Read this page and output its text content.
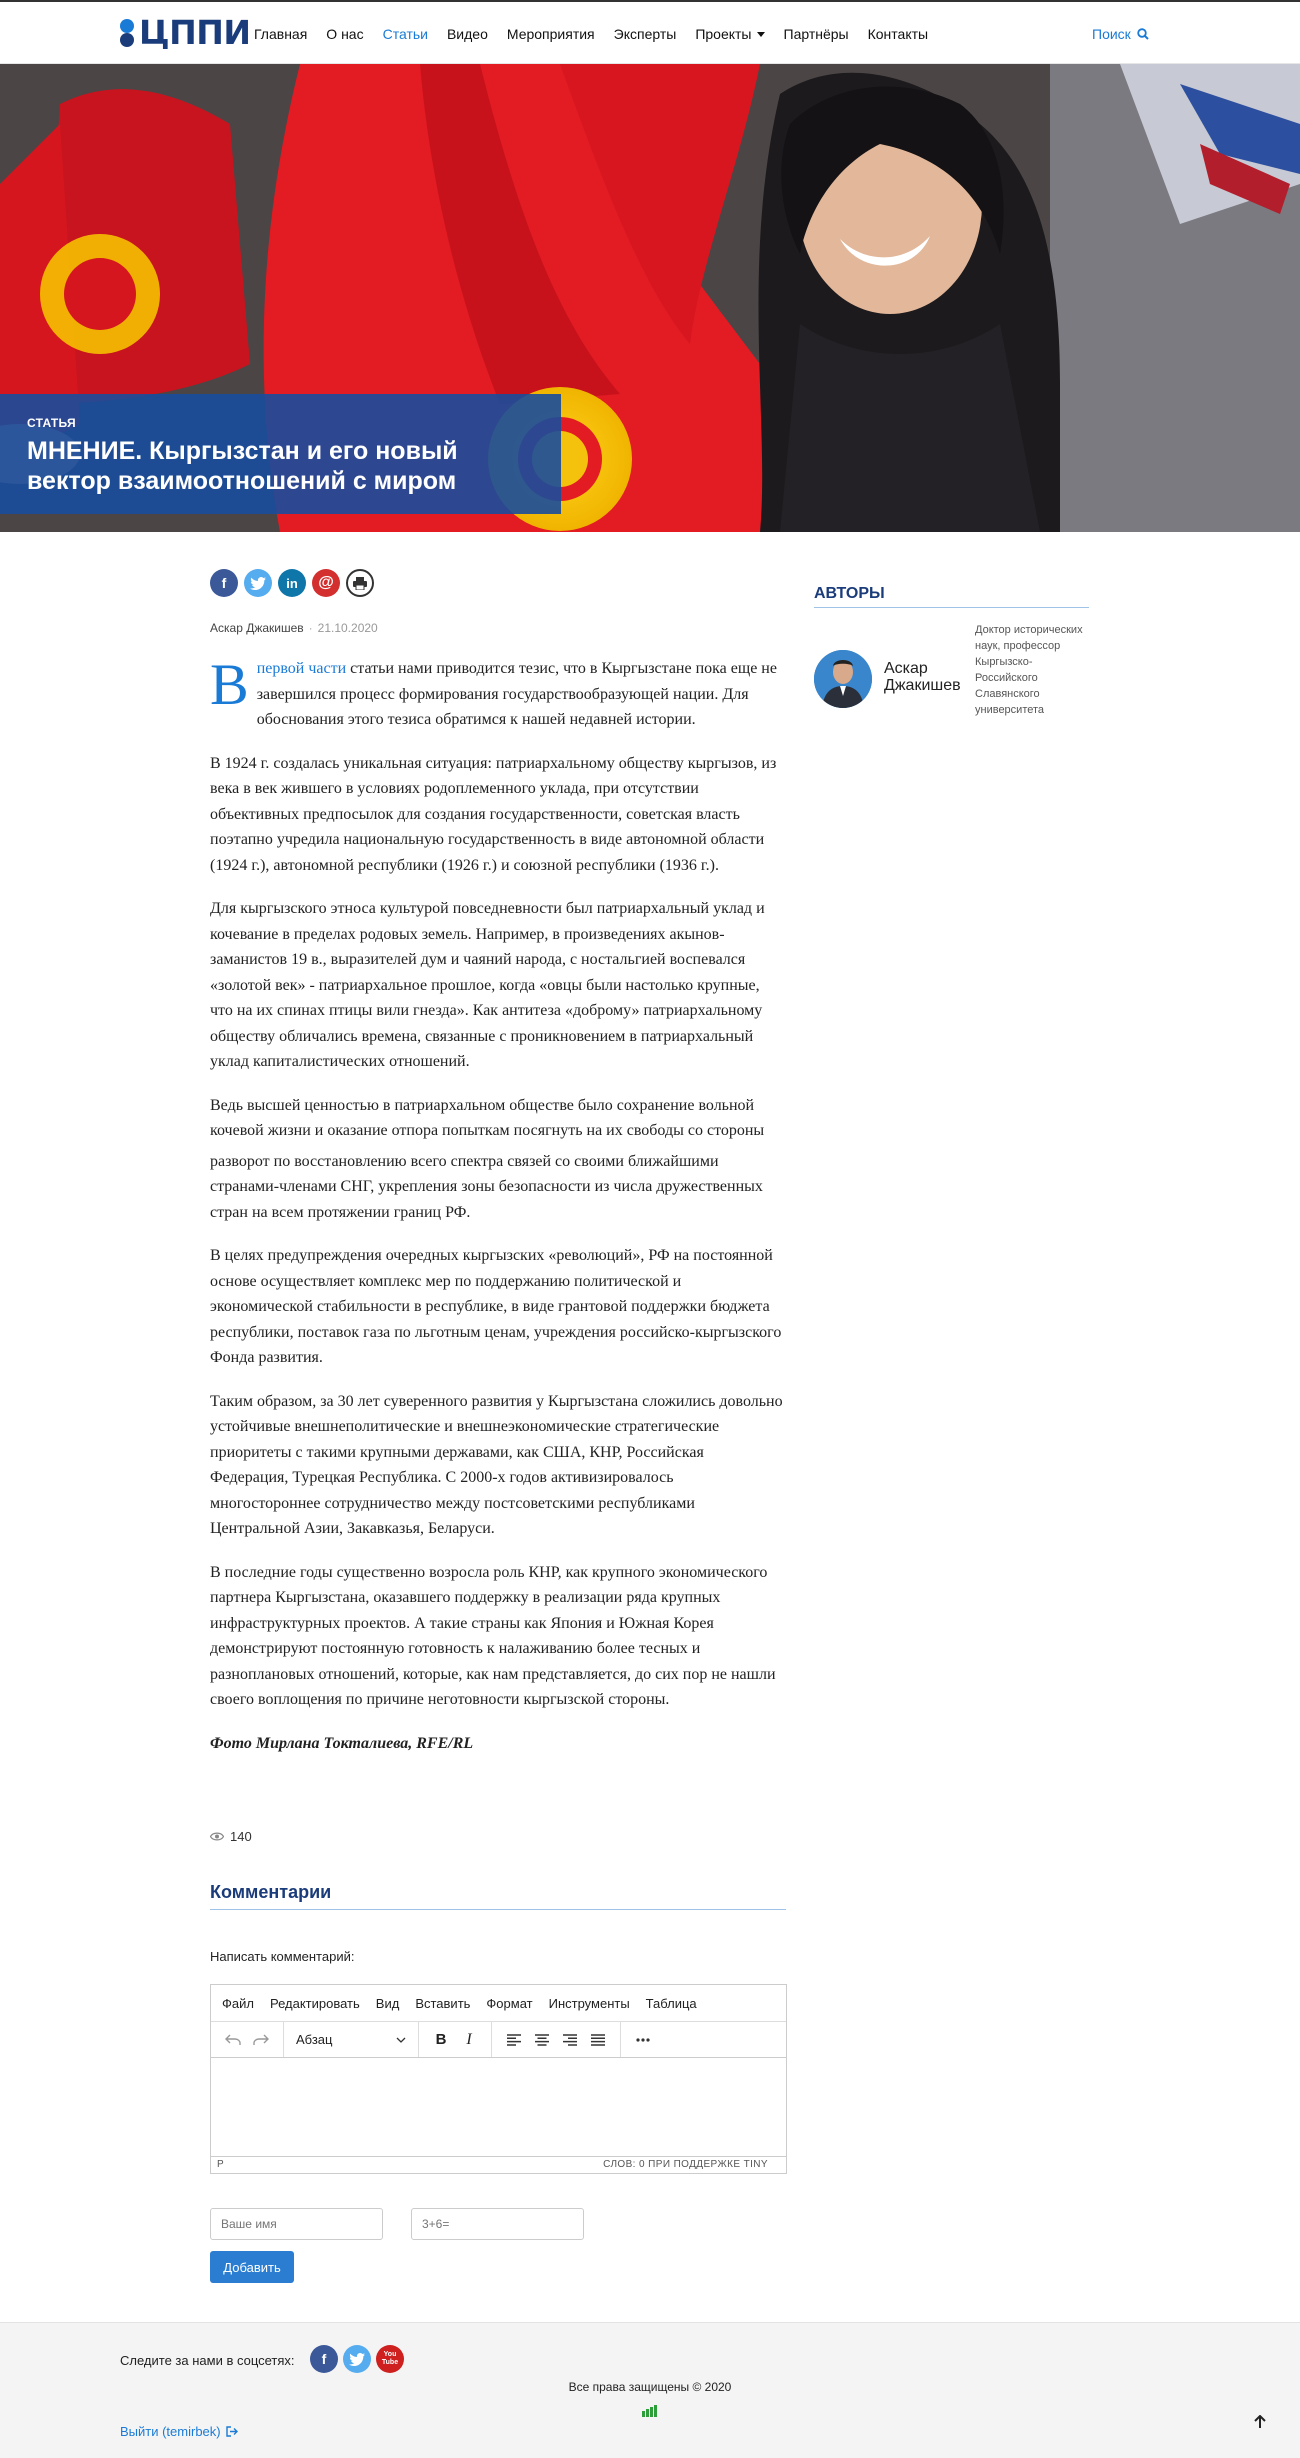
ЦППИ Главная О нас Статьи Видео Мероприятия Эксперты Проекты	Партнёры Контакты	Поиск
СТАТЬЯ
МНЕНИЕ. Кыргызстан и его новый вектор взаимоотношений с миром
f	in	@
Аскар Джакишев · 21.10.2020

Впервой части статьи нами приводится тезис, что в Кыргызстане пока еще не завершился процесс формирования государствообразующей нации. Для обоснования этого тезиса обратимся к нашей недавней истории.

В 1924 г. создалась уникальная ситуация: патриархальному обществу кыргызов, из века в век жившего в условиях родоплеменного уклада, при отсутствии объективных предпосылок для создания государственности, советская власть поэтапно учредила национальную государственность в виде автономной области (1924 г.), автономной республики (1926 г.) и союзной республики (1936 г.).

Для кыргызского этноса культурой повседневности был патриархальный уклад и кочевание в пределах родовых земель. Например, в произведениях акынов-заманистов 19 в., выразителей дум и чаяний народа, с ностальгией воспевался «золотой век» - патриархальное прошлое, когда «овцы были настолько крупные, что на их спинах птицы вили гнезда». Как антитеза «доброму» патриархальному обществу обличались времена, связанные с проникновением в патриархальный уклад капиталистических отношений.

Ведь высшей ценностью в патриархальном обществе было сохранение вольной кочевой жизни и оказание отпора попыткам посягнуть на их свободы со стороны

разворот по восстановлению всего спектра связей со своими ближайшими странами-членами СНГ, укрепления зоны безопасности из числа дружественных стран на всем протяжении границ РФ.

В целях предупреждения очередных кыргызских «революций», РФ на постоянной основе осуществляет комплекс мер по поддержанию политической и экономической стабильности в республике, в виде грантовой поддержки бюджета республики, поставок газа по льготным ценам, учреждения российско-кыргызского Фонда развития.

Таким образом, за 30 лет суверенного развития у Кыргызстана сложились довольно устойчивые внешнеполитические и внешнеэкономические стратегические приоритеты с такими крупными державами, как США, КНР, Российская Федерация, Турецкая Республика. С 2000-х годов активизировалось многостороннее сотрудничество между постсоветскими республиками Центральной Азии, Закавказья, Беларуси.

В последние годы существенно возросла роль КНР, как крупного экономического партнера Кыргызстана, оказавшего поддержку в реализации ряда крупных инфраструктурных проектов. А такие страны как Япония и Южная Корея демонстрируют постоянную готовность к налаживанию более тесных и разноплановых отношений, которые, как нам представляется, до сих пор не нашли своего воплощения по причине неготовности кыргызской стороны.

Фото Мирлана Токталиева, RFE/RL

140
Комментарии
Написать комментарий:
Файл Редактировать Вид Вставить Формат Инструменты Таблица
Абзац	B	I
P	СЛОВ: 0 ПРИ ПОДДЕРЖКЕ TINY
Ваше имя
3+6=
Добавить
АВТОРЫ
Аскар Джакишев
Доктор исторических наук, профессор Кыргызско-Российского Славянского университета
Следите за нами в соцсетях:	f	You Tube
Все права защищены © 2020
Выйти (temirbek)
